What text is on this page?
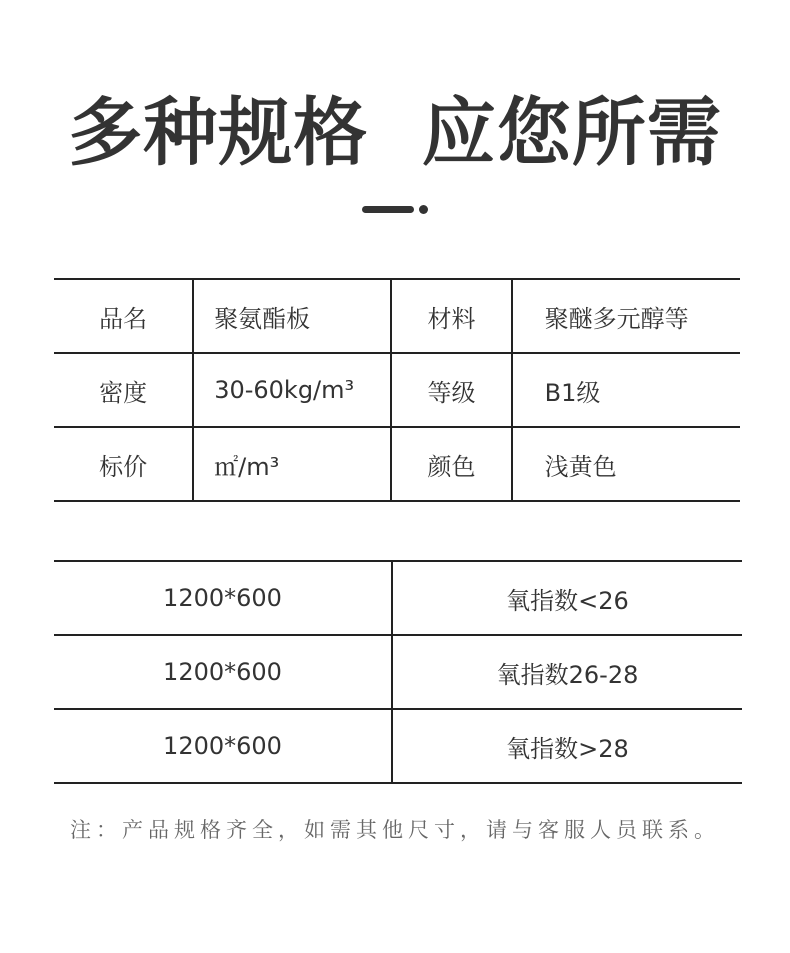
多种规格  应您所需
品名	聚氨酯板	材料	聚醚多元醇等
密度	30-60kg/m³	等级	B1级
标价	㎡/m³	颜色	浅黄色
1200*600	氧指数<26
1200*600	氧指数26-28
1200*600	氧指数>28
注：产品规格齐全，如需其他尺寸，请与客服人员联系。
